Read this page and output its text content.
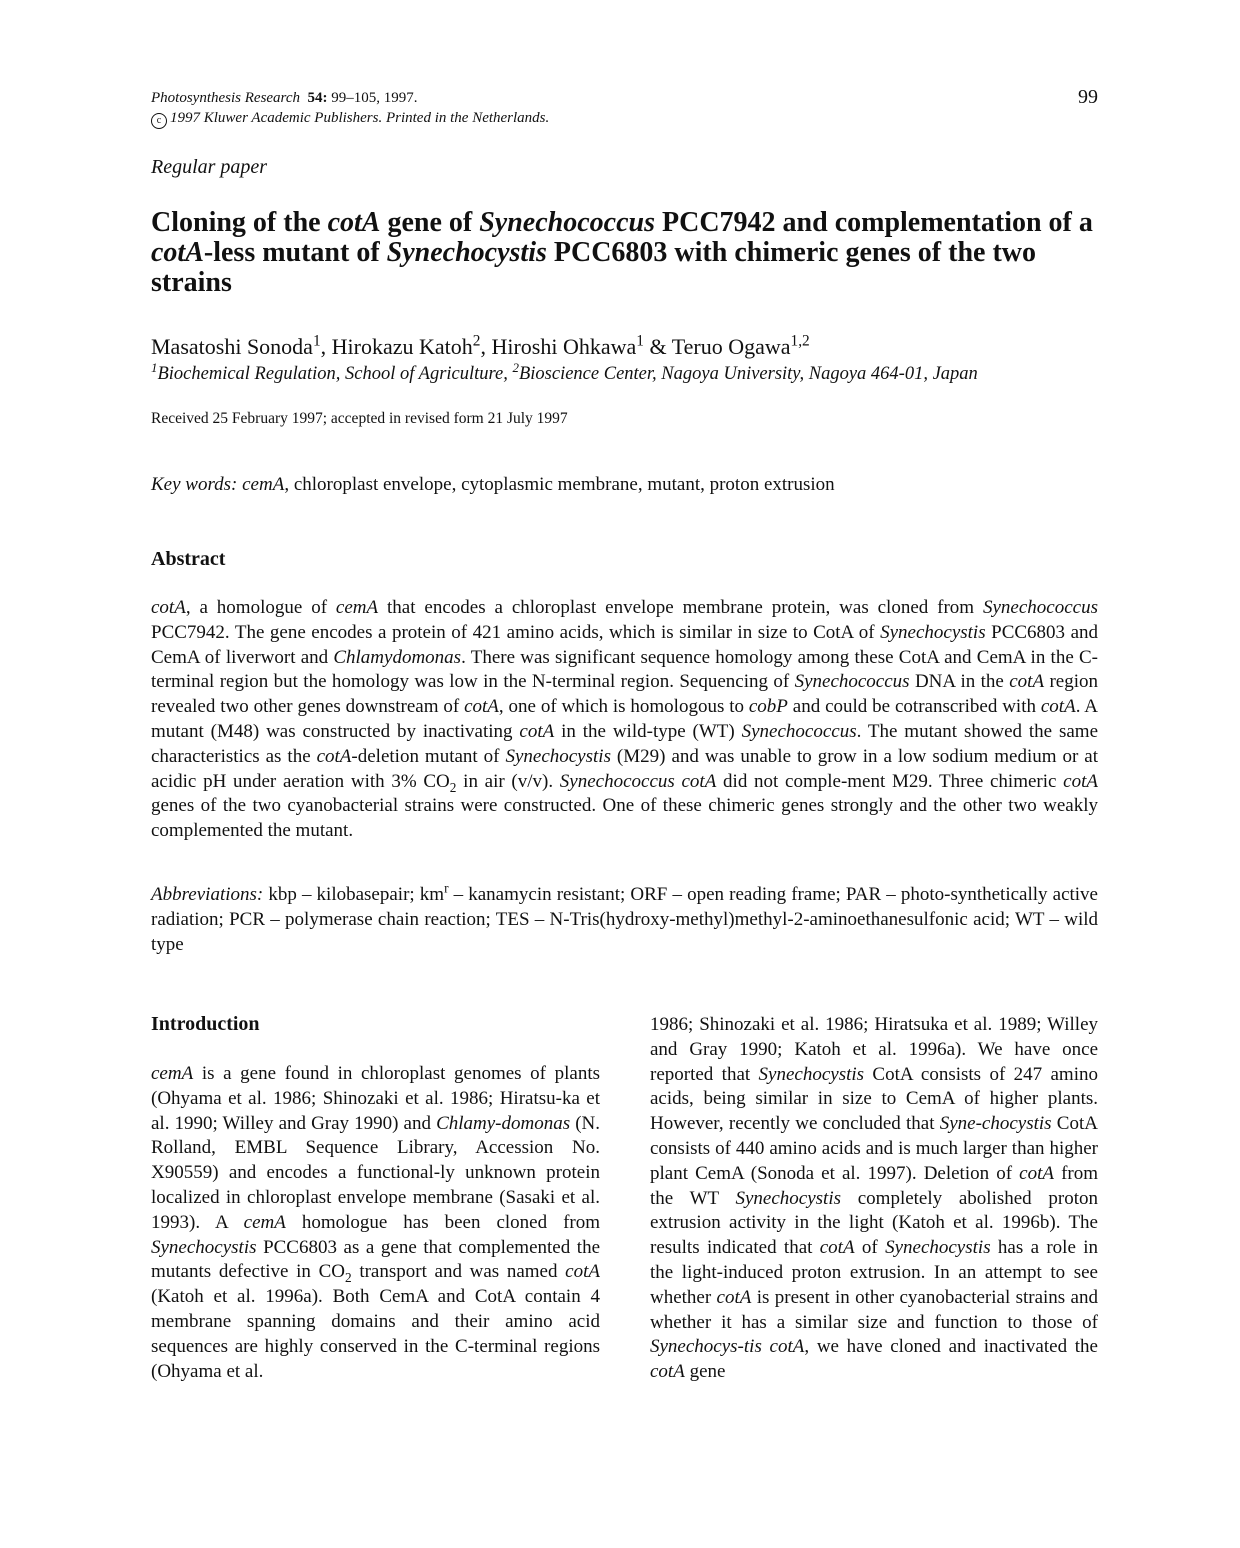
Photosynthesis Research 54: 99–105, 1997.
c 1997 Kluwer Academic Publishers. Printed in the Netherlands.
99
Regular paper
Cloning of the cotA gene of Synechococcus PCC7942 and complementation of a cotA-less mutant of Synechocystis PCC6803 with chimeric genes of the two strains
Masatoshi Sonoda$^1$, Hirokazu Katoh$^2$, Hiroshi Ohkawa$^1$ & Teruo Ogawa$^{1,2}$
$^1$Biochemical Regulation, School of Agriculture, $^2$Bioscience Center, Nagoya University, Nagoya 464-01, Japan
Received 25 February 1997; accepted in revised form 21 July 1997
Key words: cemA, chloroplast envelope, cytoplasmic membrane, mutant, proton extrusion
Abstract
cotA, a homologue of cemA that encodes a chloroplast envelope membrane protein, was cloned from Synechococcus PCC7942. The gene encodes a protein of 421 amino acids, which is similar in size to CotA of Synechocystis PCC6803 and CemA of liverwort and Chlamydomonas. There was significant sequence homology among these CotA and CemA in the C-terminal region but the homology was low in the N-terminal region. Sequencing of Synechococcus DNA in the cotA region revealed two other genes downstream of cotA, one of which is homologous to cobP and could be cotranscribed with cotA. A mutant (M48) was constructed by inactivating cotA in the wild-type (WT) Synechococcus. The mutant showed the same characteristics as the cotA-deletion mutant of Synechocystis (M29) and was unable to grow in a low sodium medium or at acidic pH under aeration with 3% $CO_2$ in air (v/v). Synechococcus cotA did not comple-ment M29. Three chimeric cotA genes of the two cyanobacterial strains were constructed. One of these chimeric genes strongly and the other two weakly complemented the mutant.
Abbreviations: kbp – kilobasepair; $km^r$ – kanamycin resistant; ORF – open reading frame; PAR – photo-synthetically active radiation; PCR – polymerase chain reaction; TES – N-Tris(hydroxy-methyl)methyl-2-aminoethanesulfonic acid; WT – wild type
Introduction
cemA is a gene found in chloroplast genomes of plants (Ohyama et al. 1986; Shinozaki et al. 1986; Hiratsu-ka et al. 1990; Willey and Gray 1990) and Chlamy-domonas (N. Rolland, EMBL Sequence Library, Accession No. X90559) and encodes a functional-ly unknown protein localized in chloroplast envelope membrane (Sasaki et al. 1993). A cemA homologue has been cloned from Synechocystis PCC6803 as a gene that complemented the mutants defective in $CO_2$ transport and was named cotA (Katoh et al. 1996a). Both CemA and CotA contain 4 membrane spanning domains and their amino acid sequences are highly conserved in the C-terminal regions (Ohyama et al.
1986; Shinozaki et al. 1986; Hiratsuka et al. 1989; Willey and Gray 1990; Katoh et al. 1996a). We have once reported that Synechocystis CotA consists of 247 amino acids, being similar in size to CemA of higher plants. However, recently we concluded that Syne-chocystis CotA consists of 440 amino acids and is much larger than higher plant CemA (Sonoda et al. 1997). Deletion of cotA from the WT Synechocystis completely abolished proton extrusion activity in the light (Katoh et al. 1996b). The results indicated that cotA of Synechocystis has a role in the light-induced proton extrusion. In an attempt to see whether cotA is present in other cyanobacterial strains and whether it has a similar size and function to those of Synechocys-tis cotA, we have cloned and inactivated the cotA gene
